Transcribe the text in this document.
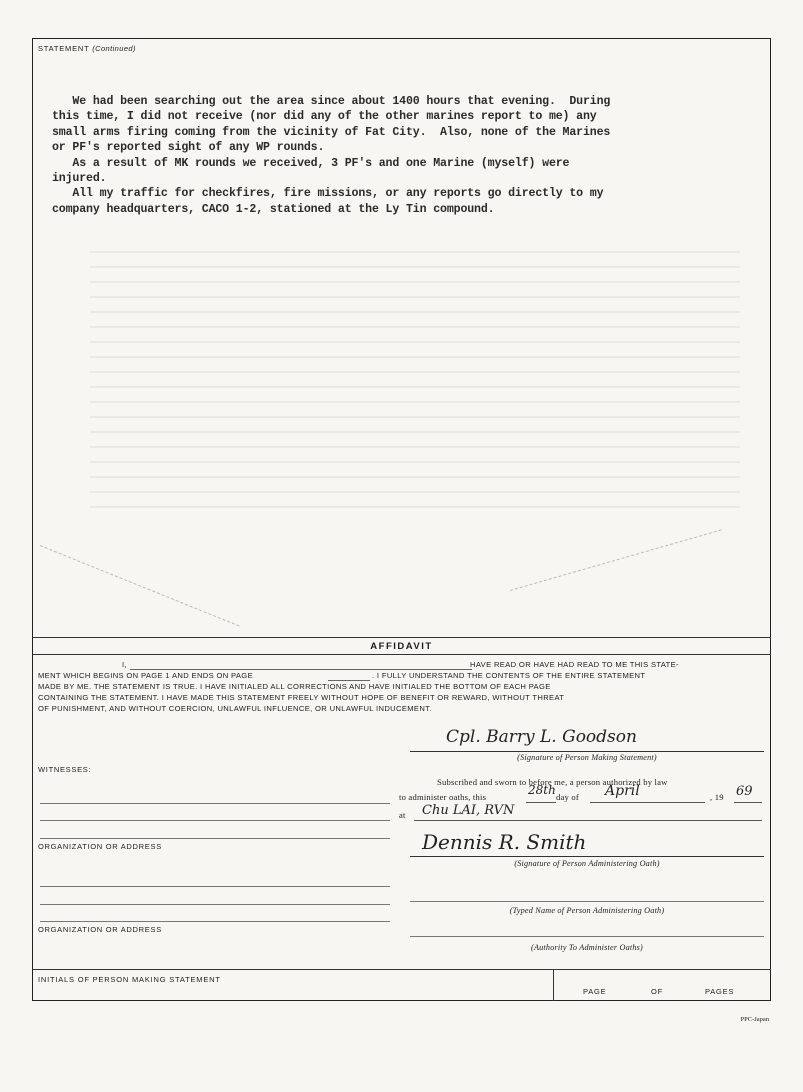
STATEMENT (Continued)
We had been searching out the area since about 1400 hours that evening.  During
this time, I did not receive (nor did any of the other marines report to me) any
small arms firing coming from the vicinity of Fat City.  Also, none of the Marines
or PF's reported sight of any WP rounds.
As a result of MK rounds we received, 3 PF's and one Marine (myself) were
injured.
All my traffic for checkfires, fire missions, or any reports go directly to my
company headquarters, CACO 1-2, stationed at the Ly Tin compound.
AFFIDAVIT
I,	HAVE READ OR HAVE HAD READ TO ME THIS STATE-
MENT WHICH BEGINS ON PAGE 1 AND ENDS ON PAGE	. I FULLY UNDERSTAND THE CONTENTS OF THE ENTIRE STATEMENT
MADE BY ME. THE STATEMENT IS TRUE. I HAVE INITIALED ALL CORRECTIONS AND HAVE INITIALED THE BOTTOM OF EACH PAGE
CONTAINING THE STATEMENT. I HAVE MADE THIS STATEMENT FREELY WITHOUT HOPE OF BENEFIT OR REWARD, WITHOUT THREAT
OF PUNISHMENT, AND WITHOUT COERCION, UNLAWFUL INFLUENCE, OR UNLAWFUL INDUCEMENT.
Cpl. Barry L. Goodson
(Signature of Person Making Statement)
WITNESSES:
ORGANIZATION OR ADDRESS
ORGANIZATION OR ADDRESS
Subscribed and sworn to before me, a person authorized by law
to administer oaths, this	28th day of April	, 19 69
at Chu LAI, RVN
Dennis R. Smith
(Signature of Person Administering Oath)
(Typed Name of Person Administering Oath)
(Authority To Administer Oaths)
INITIALS OF PERSON MAKING STATEMENT
PAGE	OF	PAGES
PPC-Japan
